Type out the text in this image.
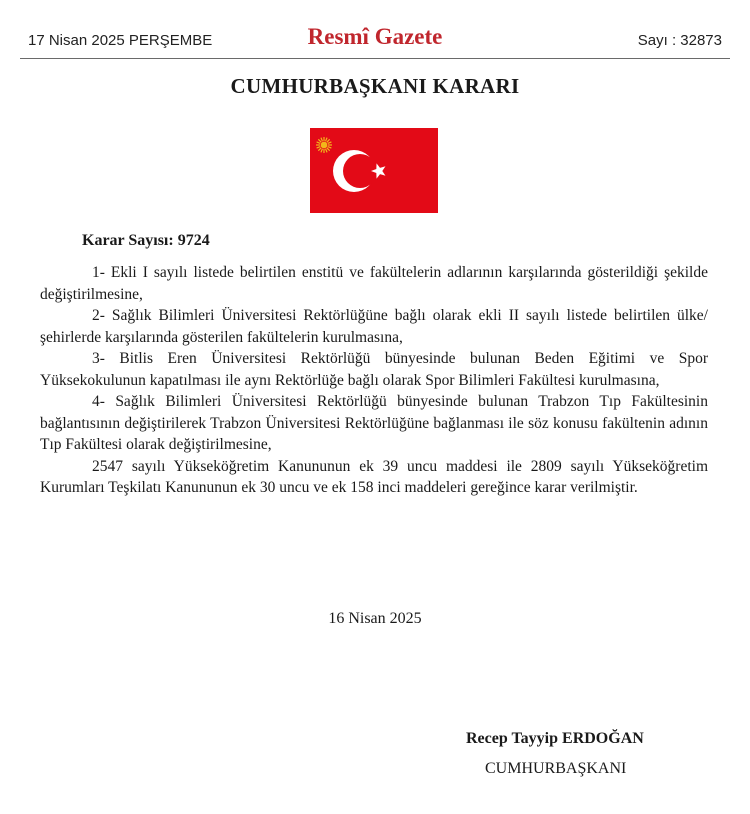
17 Nisan 2025 PERŞEMBE	Resmî Gazete	Sayı : 32873
CUMHURBAŞKANI KARARI
Karar Sayısı: 9724

1- Ekli I sayılı listede belirtilen enstitü ve fakültelerin adlarının karşılarında gösterildiği şekilde değiştirilmesine,

2- Sağlık Bilimleri Üniversitesi Rektörlüğüne bağlı olarak ekli II sayılı listede belirtilen ülke/şehirlerde karşılarında gösterilen fakültelerin kurulmasına,

3- Bitlis Eren Üniversitesi Rektörlüğü bünyesinde bulunan Beden Eğitimi ve Spor Yüksekokulunun kapatılması ile aynı Rektörlüğe bağlı olarak Spor Bilimleri Fakültesi kurulmasına,

4- Sağlık Bilimleri Üniversitesi Rektörlüğü bünyesinde bulunan Trabzon Tıp Fakültesinin bağlantısının değiştirilerek Trabzon Üniversitesi Rektörlüğüne bağlanması ile söz konusu fakültenin adının Tıp Fakültesi olarak değiştirilmesine,

2547 sayılı Yükseköğretim Kanununun ek 39 uncu maddesi ile 2809 sayılı Yükseköğretim Kurumları Teşkilatı Kanununun ek 30 uncu ve ek 158 inci maddeleri gereğince karar verilmiştir.

16 Nisan 2025
Recep Tayyip ERDOĞAN
CUMHURBAŞKANI
